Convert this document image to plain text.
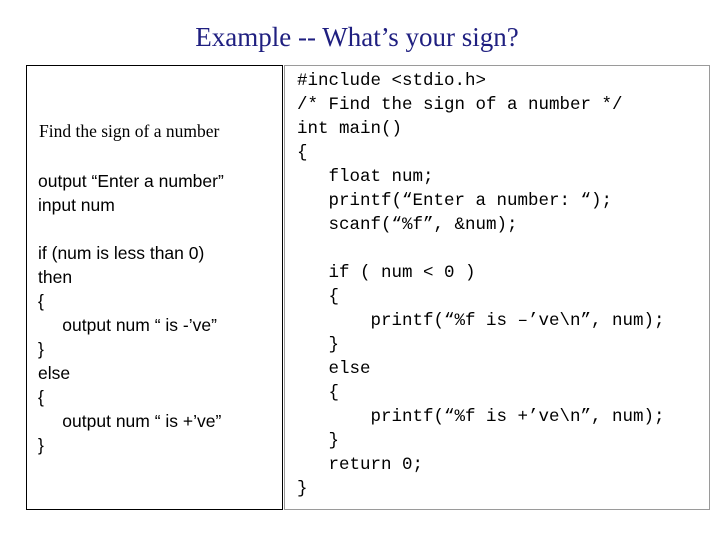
Example -- What’s your sign?
Find the sign of a number
output “Enter a number”
input num
if (num is less than 0)
then
{
output num “ is -’ve”
}
else
{
output num “ is +’ve”
}
#include <stdio.h>
/* Find the sign of a number */
int main()
{
float num;
printf(“Enter a number: “);
scanf(“%f”, &num);
if ( num < 0 )
{
printf(“%f is –’ve\n”, num);
}
else
{
printf(“%f is +’ve\n”, num);
}
return 0;
}
